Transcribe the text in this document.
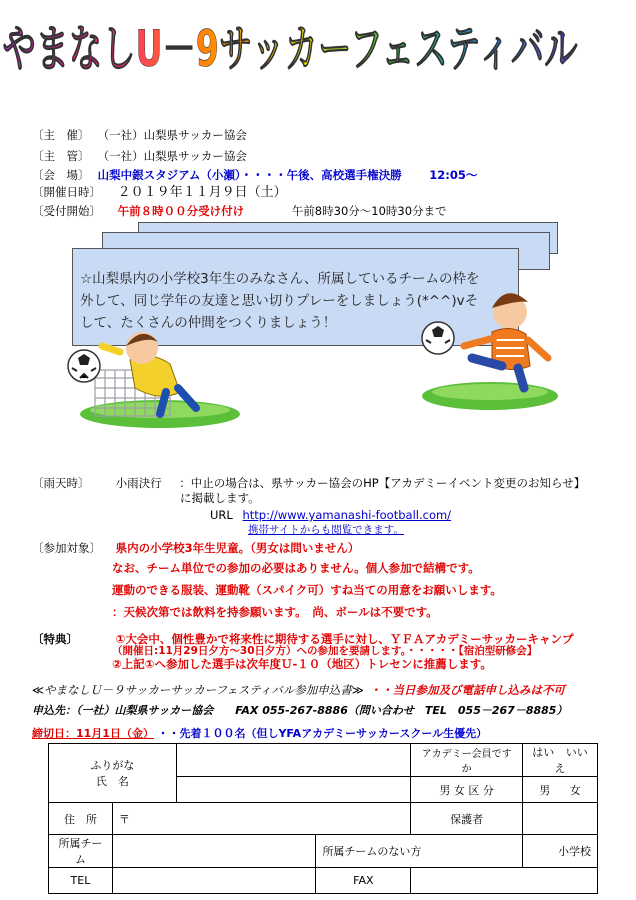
やまなしU－9サッカーフェスティバル
〔主　催〕 （一社）山梨県サッカー協会
〔主　管〕 （一社）山梨県サッカー協会
〔会　場〕 山梨中銀スタジアム（小瀬）・・・・午後、高校選手権決勝 12:05～
〔開催日時〕 ２０１９年１１月９日（土）
〔受付開始〕 午前８時００分受け付け	午前8時30分～10時30分まで
☆山梨県内の小学校3年生のみなさん、所属しているチームの枠を外して、同じ学年の友達と思い切りプレーをしましょう(*^^)vそして、たくさんの仲間をつくりましょう！
〔雨天時〕 小雨決行 ：中止の場合は、県サッカー協会のHP【アカデミーイベント変更のお知らせ】
に掲載します。
URL http://www.yamanashi-football.com/
携帯サイトからも閲覧できます。
〔参加対象〕 県内の小学校3年生児童。（男女は問いません）
なお、チーム単位での参加の必要はありません。個人参加で結構です。
運動のできる服装、運動靴（スパイク可）すね当ての用意をお願いします。
：天候次第では飲料を持参願います。　尚、ボールは不要です。
〔特典〕	①大会中、個性豊かで将来性に期待する選手に対し、ＹＦＡアカデミーサッカーキャンプ
（開催日:11月29日夕方～30日夕方）への参加を要請します。・・・・・【宿泊型研修会】
②上記①へ参加した選手は次年度Ｕ-１０（地区）トレセンに推薦します。
≪やまなしＵ－９サッカーサッカーフェスティバル参加申込書≫ ・・当日参加及び電話申し込みは不可
申込先：（一社）山梨県サッカー協会　　FAX 055-267-8886（問い合わせ　TEL　055－267－8885）
締切日：11月1日（金） ・・先着１００名（但しYFAアカデミーサッカースクール生優先）
ふりがな
氏　名				アカデミー会員ですか	はい いいえ
				男 女 区 分	男 女
住　所	〒			保護者	
所属チーム			所属チームのない方		小学校
TEL			FAX		
